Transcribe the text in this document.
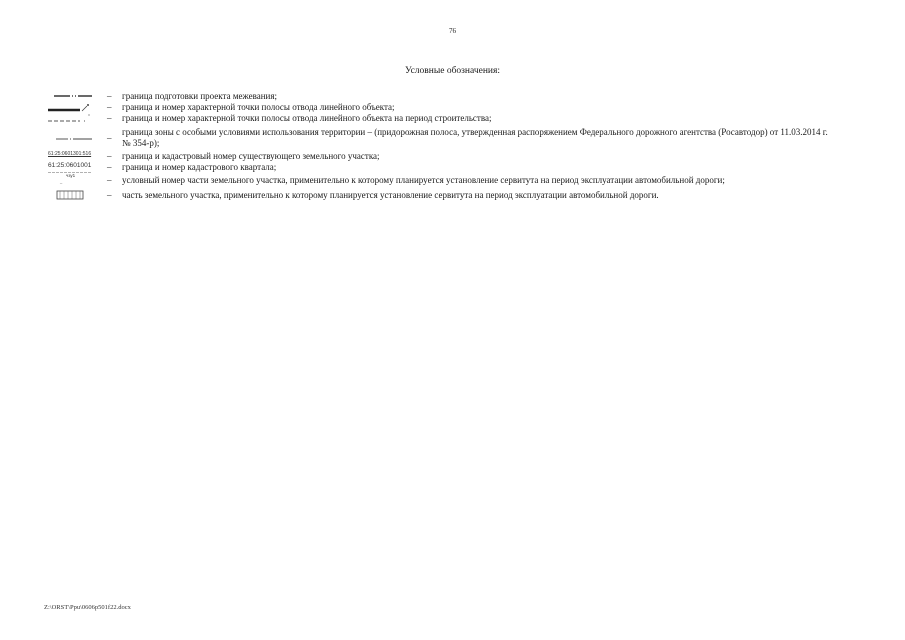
76
Условные обозначения:
– граница подготовки проекта межевания;
– граница и номер характерной точки полосы отвода линейного объекта;
– граница и номер характерной точки полосы отвода линейного объекта на период строительства;
–
граница зоны с особыми условиями использования территории – (придорожная полоса, утвержденная распоряжением Федерального дорожного агентства (Росавтодор) от 11.03.2014 г. № 354-р);
61:25:0601301:516 – граница и кадастровый номер существующего земельного участка;
61:25:0601001 – граница и номер кадастрового квартала;
чзу1
_	– условный номер части земельного участка, применительно к которому планируется установление сервитута на период эксплуатации автомобильной дороги;
– часть земельного участка, применительно к которому планируется установление сервитута на период эксплуатации автомобильной дороги.
Z:\ORST\Ppu\0606p501f22.docx
